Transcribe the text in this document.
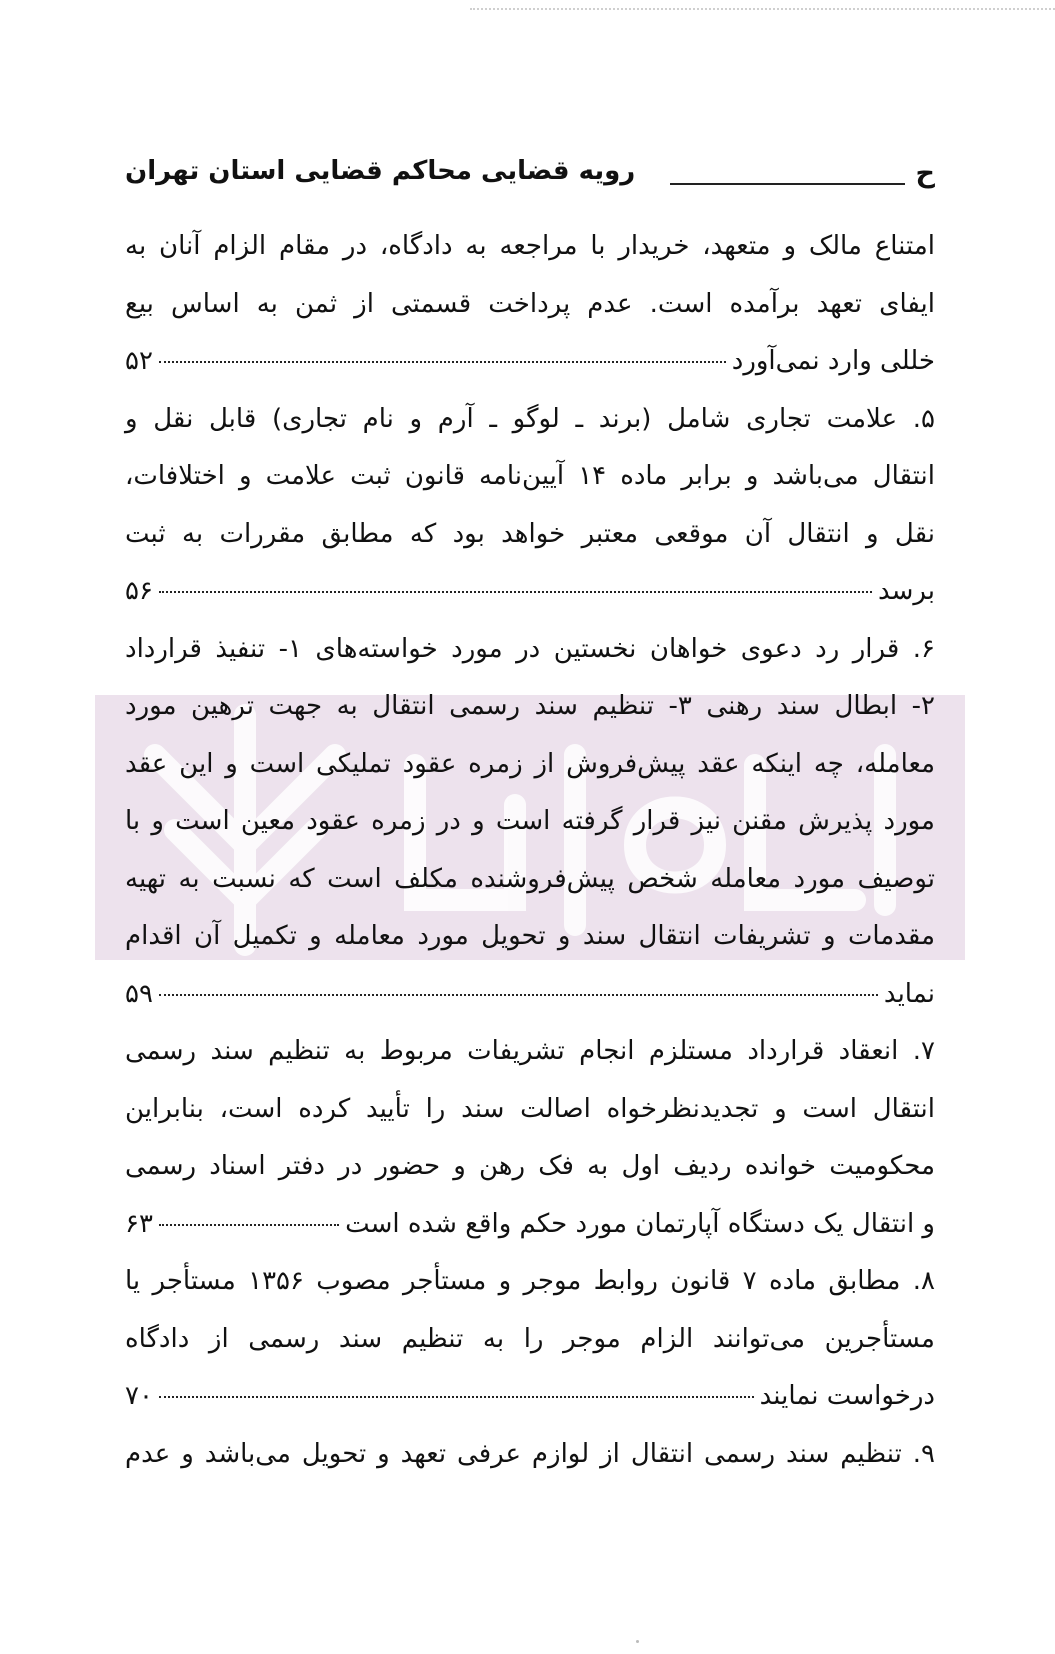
ح
رویه قضایی محاکم قضایی استان تهران
امتناع مالک و متعهد، خریدار با مراجعه به دادگاه، در مقام الزام آنان به
ایفای تعهد برآمده است. عدم پرداخت قسمتی از ثمن به اساس بیع
خللی وارد نمی‌آورد
۵۲
۵. علامت تجاری شامل (برند ـ لوگو ـ آرم و نام تجاری) قابل نقل و
انتقال می‌باشد و برابر ماده ۱۴ آیین‌نامه قانون ثبت علامت و اختلافات،
نقل و انتقال آن موقعی معتبر خواهد بود که مطابق مقررات به ثبت
برسد
۵۶
۶. قرار رد دعوی خواهان نخستین در مورد خواسته‌های ۱- تنفیذ قرارداد
۲- ابطال سند رهنی ۳- تنظیم سند رسمی انتقال به جهت ترهین مورد
معامله، چه اینکه عقد پیش‌فروش از زمره عقود تملیکی است و این عقد
مورد پذیرش مقنن نیز قرار گرفته است و در زمره عقود معین است و با
توصیف مورد معامله شخص پیش‌فروشنده مکلف است که نسبت به تهیه
مقدمات و تشریفات انتقال سند و تحویل مورد معامله و تکمیل آن اقدام
نماید
۵۹
۷. انعقاد قرارداد مستلزم انجام تشریفات مربوط به تنظیم سند رسمی
انتقال است و تجدیدنظرخواه اصالت سند را تأیید کرده است، بنابراین
محکومیت خوانده ردیف اول به فک رهن و حضور در دفتر اسناد رسمی
و انتقال یک دستگاه آپارتمان مورد حکم واقع شده است
۶۳
۸. مطابق ماده ۷ قانون روابط موجر و مستأجر مصوب ۱۳۵۶ مستأجر یا
مستأجرین می‌توانند الزام موجر را به تنظیم سند رسمی از دادگاه
درخواست نمایند
۷۰
۹. تنظیم سند رسمی انتقال از لوازم عرفی تعهد و تحویل می‌باشد و عدم
